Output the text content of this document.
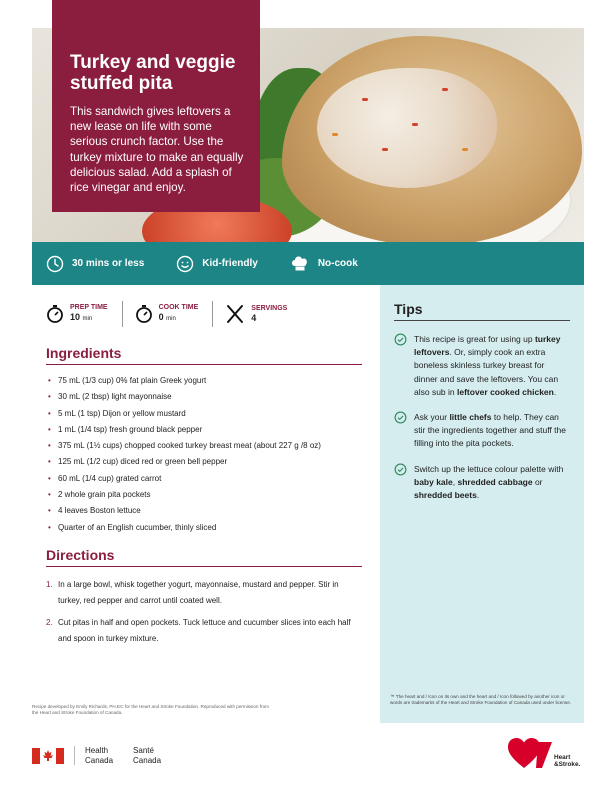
Turkey and veggie stuffed pita

This sandwich gives leftovers a new lease on life with some serious crunch factor. Use the turkey mixture to make an equally delicious salad. Add a splash of rice vinegar and enjoy.

30 mins or less	Kid-friendly	No-cook
PREP TIME
10 min
COOK TIME
0 min
SERVINGS
4
Ingredients
• 75 mL (1/3 cup) 0% fat plain Greek yogurt
• 30 mL (2 tbsp) light mayonnaise
• 5 mL (1 tsp) Dijon or yellow mustard
• 1 mL (1/4 tsp) fresh ground black pepper
• 375 mL (1½ cups) chopped cooked turkey breast meat (about 227 g /8 oz)
• 125 mL (1/2 cup) diced red or green bell pepper
• 60 mL (1/4 cup) grated carrot
• 2 whole grain pita pockets
• 4 leaves Boston lettuce
• Quarter of an English cucumber, thinly sliced
Directions
1. In a large bowl, whisk together yogurt, mayonnaise, mustard and pepper. Stir in turkey, red pepper and carrot until coated well.
2. Cut pitas in half and open pockets. Tuck lettuce and cucumber slices into each half and spoon in turkey mixture.
Tips
This recipe is great for using up turkey leftovers. Or, simply cook an extra boneless skinless turkey breast for dinner and save the leftovers. You can also sub in leftover cooked chicken.
Ask your little chefs to help. They can stir the ingredients together and stuff the filling into the pita pockets.
Switch up the lettuce colour palette with baby kale, shredded cabbage or shredded beets.
Recipe developed by Emily Richards, PH.EC for the Heart and Stroke Foundation. Reproduced with permission from the Heart and Stroke Foundation of Canada.
™ The heart and / Icon on its own and the heart and / Icon followed by another icon or words are trademarks of the Heart and Stroke Foundation of Canada used under license.
Health
Canada
Santé
Canada	Heart
&Stroke.
